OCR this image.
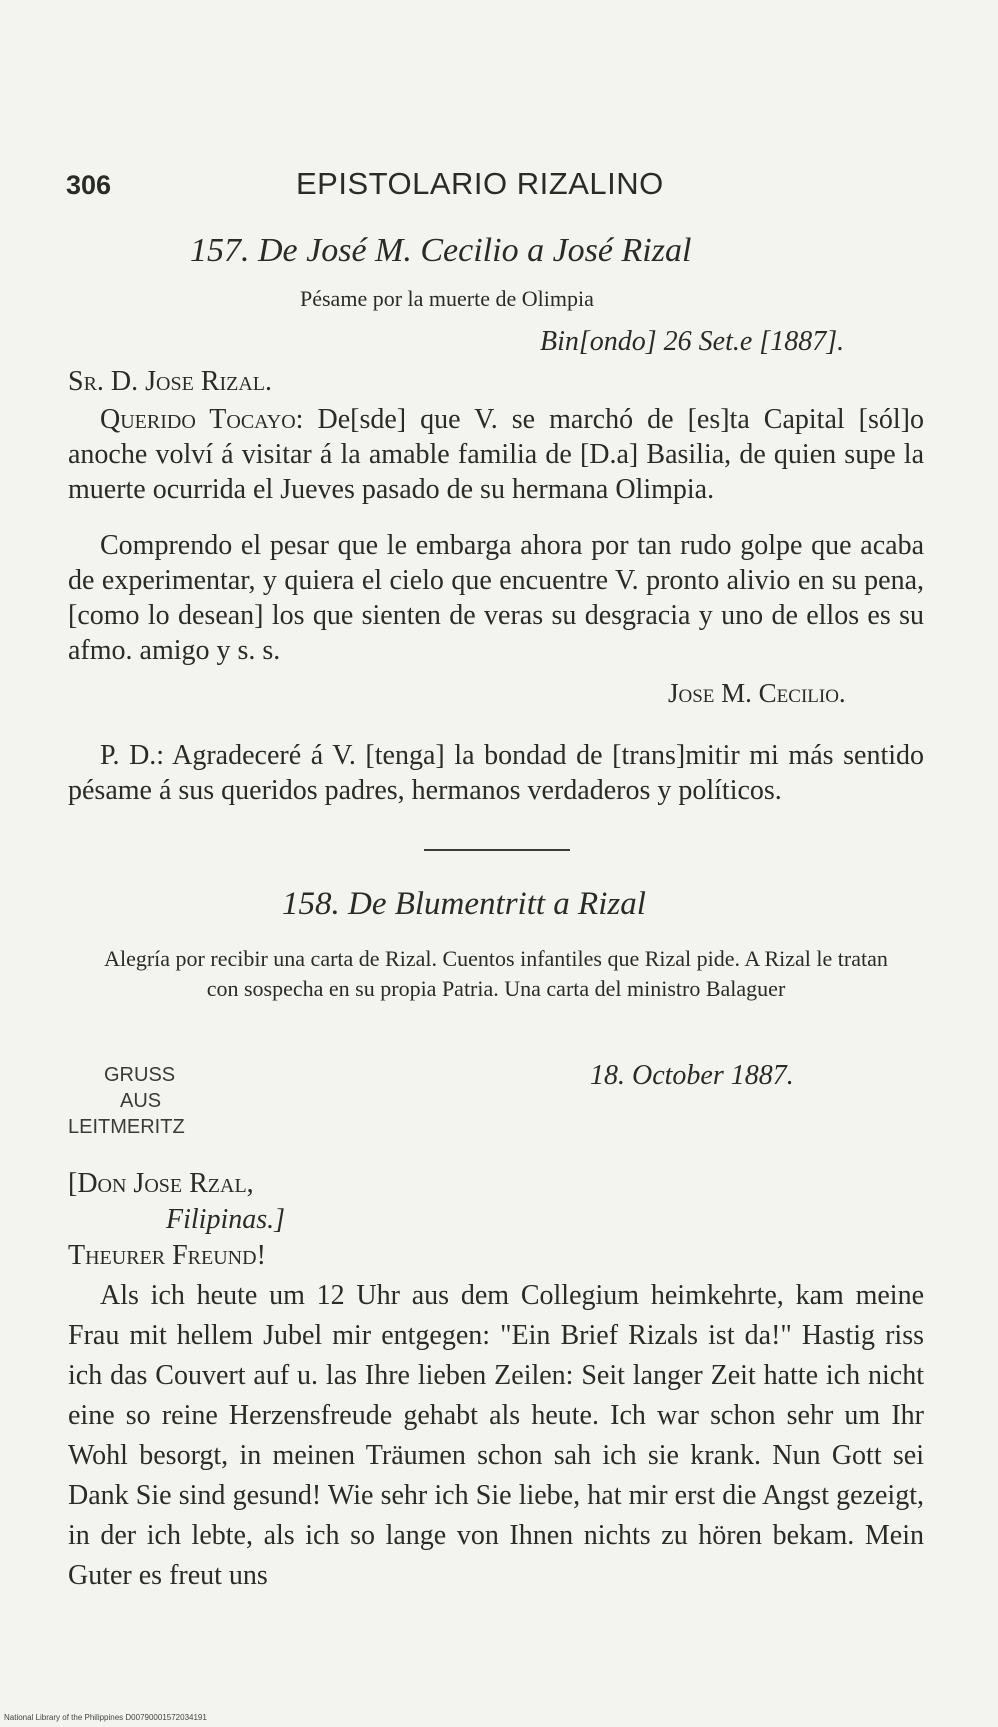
306	EPISTOLARIO RIZALINO
157. De José M. Cecilio a José Rizal
Pésame por la muerte de Olimpia
Bin[ondo] 26 Set.e [1887].
Sr. D. Jose Rizal.
Querido Tocayo: De[sde] que V. se marchó de [es]ta Capital [sól]o anoche volví á visitar á la amable familia de [D.a] Basilia, de quien supe la muerte ocurrida el Jueves pasado de su hermana Olimpia.
Comprendo el pesar que le embarga ahora por tan rudo golpe que acaba de experimentar, y quiera el cielo que encuentre V. pronto alivio en su pena, [como lo desean] los que sienten de veras su desgracia y uno de ellos es su afmo. amigo y s. s.
Jose M. Cecilio.
P. D.: Agradeceré á V. [tenga] la bondad de [trans]mitir mi más sentido pésame á sus queridos padres, hermanos verdaderos y políticos.
158. De Blumentritt a Rizal
Alegría por recibir una carta de Rizal. Cuentos infantiles que Rizal pide. A Rizal le tratan con sospecha en su propia Patria. Una carta del ministro Balaguer
GRUSS
AUS
LEITMERITZ
18. October 1887.
[Don Jose Rzal,
Filipinas.]
Theurer Freund!
Als ich heute um 12 Uhr aus dem Collegium heimkehrte, kam meine Frau mit hellem Jubel mir entgegen: "Ein Brief Rizals ist da!" Hastig riss ich das Couvert auf u. las Ihre lieben Zeilen: Seit langer Zeit hatte ich nicht eine so reine Herzensfreude gehabt als heute. Ich war schon sehr um Ihr Wohl besorgt, in meinen Träumen schon sah ich sie krank. Nun Gott sei Dank Sie sind gesund! Wie sehr ich Sie liebe, hat mir erst die Angst gezeigt, in der ich lebte, als ich so lange von Ihnen nichts zu hören bekam. Mein Guter es freut uns
National Library of the Philippines D00790001572034191
